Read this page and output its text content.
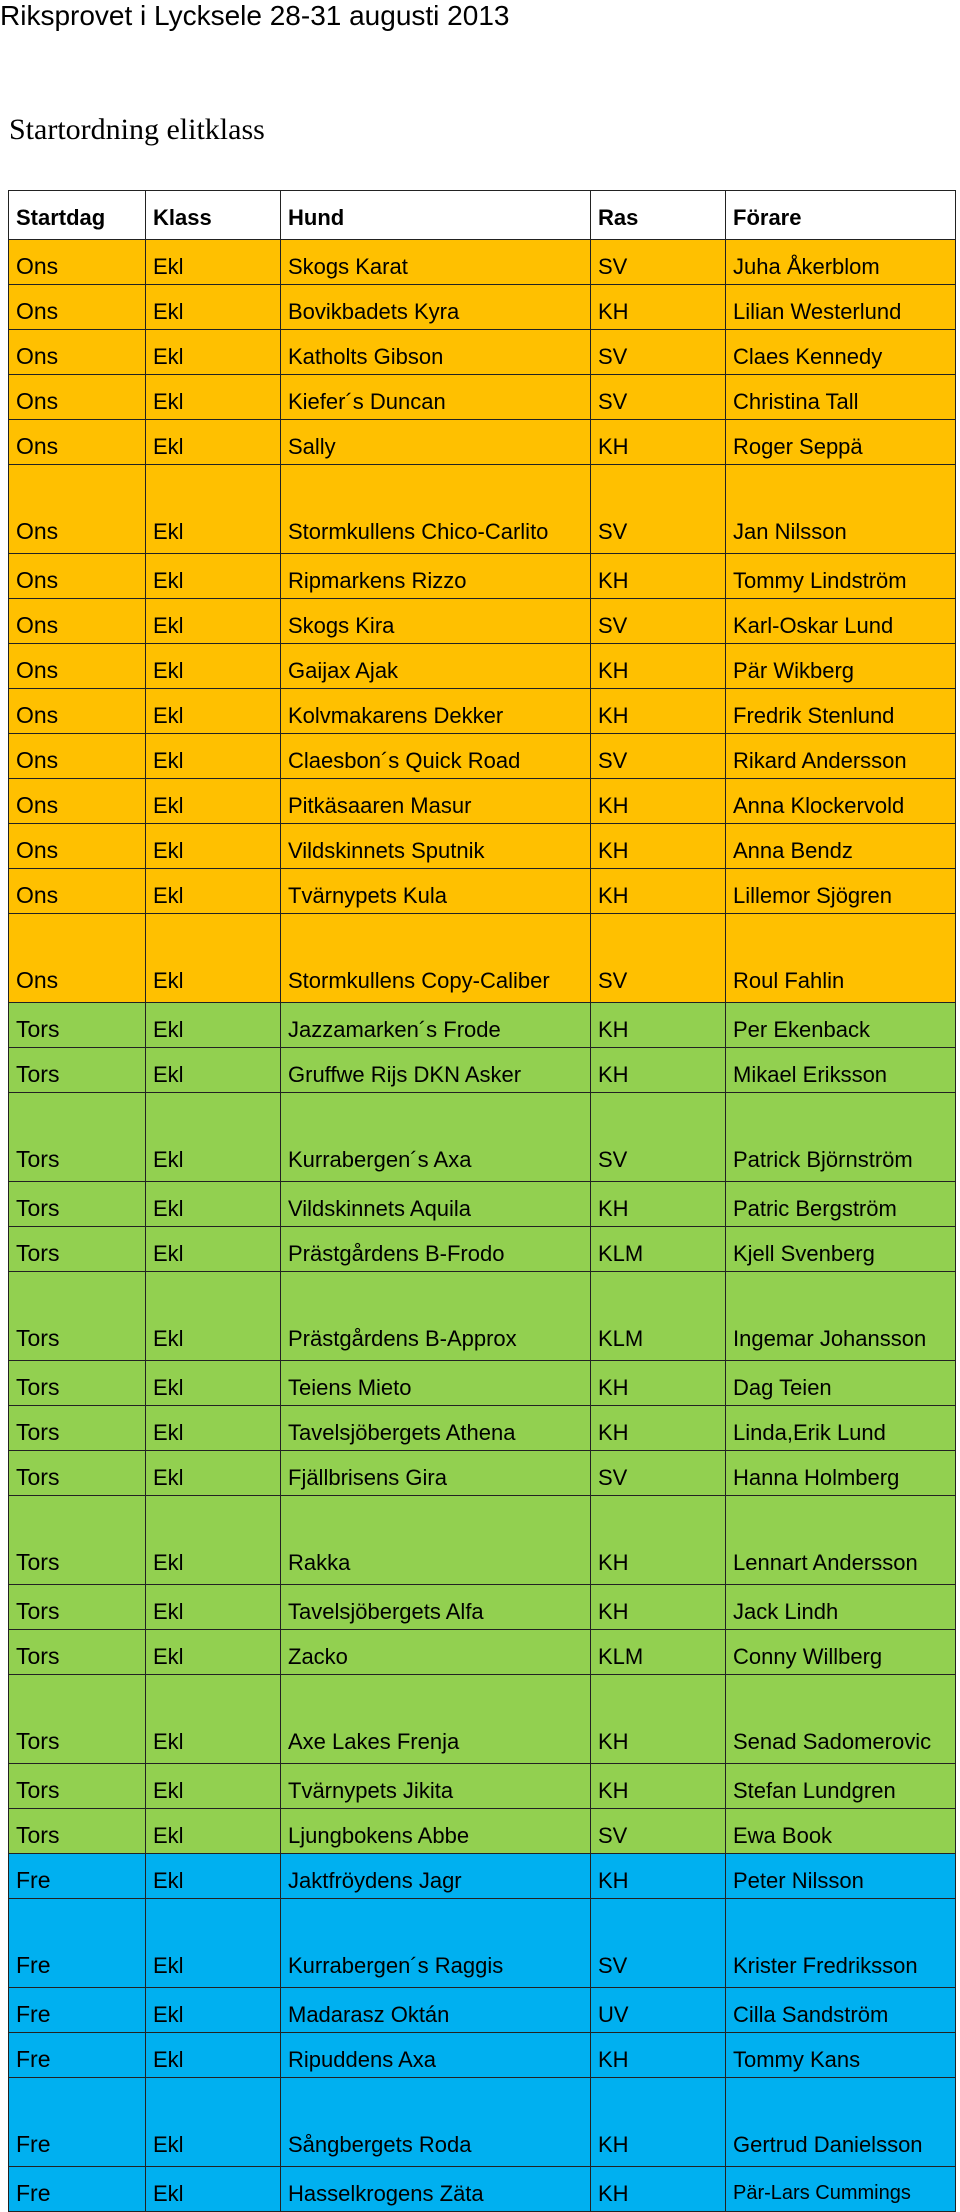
Riksprovet i Lycksele 28-31 augusti 2013
Startordning elitklass
Startdag	Klass	Hund	Ras	Förare
Ons	Ekl	Skogs Karat	SV	Juha Åkerblom
Ons	Ekl	Bovikbadets Kyra	KH	Lilian Westerlund
Ons	Ekl	Katholts Gibson	SV	Claes Kennedy
Ons	Ekl	Kiefer´s Duncan	SV	Christina Tall
Ons	Ekl	Sally	KH	Roger Seppä
Ons	Ekl	Stormkullens Chico-Carlito	SV	Jan Nilsson
Ons	Ekl	Ripmarkens Rizzo	KH	Tommy Lindström
Ons	Ekl	Skogs Kira	SV	Karl-Oskar Lund
Ons	Ekl	Gaijax Ajak	KH	Pär Wikberg
Ons	Ekl	Kolvmakarens Dekker	KH	Fredrik Stenlund
Ons	Ekl	Claesbon´s Quick Road	SV	Rikard Andersson
Ons	Ekl	Pitkäsaaren Masur	KH	Anna Klockervold
Ons	Ekl	Vildskinnets Sputnik	KH	Anna Bendz
Ons	Ekl	Tvärnypets Kula	KH	Lillemor Sjögren
Ons	Ekl	Stormkullens Copy-Caliber	SV	Roul Fahlin
Tors	Ekl	Jazzamarken´s Frode	KH	Per Ekenback
Tors	Ekl	Gruffwe Rijs DKN Asker	KH	Mikael Eriksson
Tors	Ekl	Kurrabergen´s Axa	SV	Patrick Björnström
Tors	Ekl	Vildskinnets Aquila	KH	Patric Bergström
Tors	Ekl	Prästgårdens B-Frodo	KLM	Kjell Svenberg
Tors	Ekl	Prästgårdens B-Approx	KLM	Ingemar Johansson
Tors	Ekl	Teiens Mieto	KH	Dag Teien
Tors	Ekl	Tavelsjöbergets Athena	KH	Linda,Erik Lund
Tors	Ekl	Fjällbrisens Gira	SV	Hanna Holmberg
Tors	Ekl	Rakka	KH	Lennart Andersson
Tors	Ekl	Tavelsjöbergets Alfa	KH	Jack Lindh
Tors	Ekl	Zacko	KLM	Conny Willberg
Tors	Ekl	Axe Lakes Frenja	KH	Senad Sadomerovic
Tors	Ekl	Tvärnypets Jikita	KH	Stefan Lundgren
Tors	Ekl	Ljungbokens Abbe	SV	Ewa Book
Fre	Ekl	Jaktfröydens Jagr	KH	Peter Nilsson
Fre	Ekl	Kurrabergen´s Raggis	SV	Krister Fredriksson
Fre	Ekl	Madarasz Oktán	UV	Cilla Sandström
Fre	Ekl	Ripuddens Axa	KH	Tommy Kans
Fre	Ekl	Sångbergets Roda	KH	Gertrud Danielsson
Fre	Ekl	Hasselkrogens Zäta	KH	Pär-Lars Cummings
